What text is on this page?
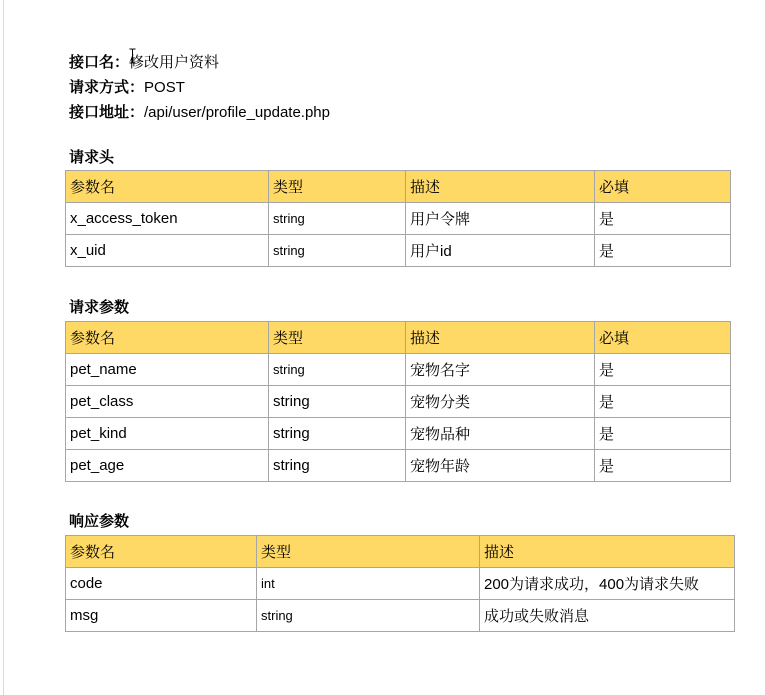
接口名：修改用户资料
请求方式：POST
接口地址：/api/user/profile_update.php
请求头
参数名	类型	描述	必填
x_access_token	string	用户令牌	是
x_uid	string	用户id	是
请求参数
参数名	类型	描述	必填
pet_name	string	宠物名字	是
pet_class	string	宠物分类	是
pet_kind	string	宠物品种	是
pet_age	string	宠物年龄	是
响应参数
参数名	类型	描述
code	int	200为请求成功，400为请求失败
msg	string	成功或失败消息
